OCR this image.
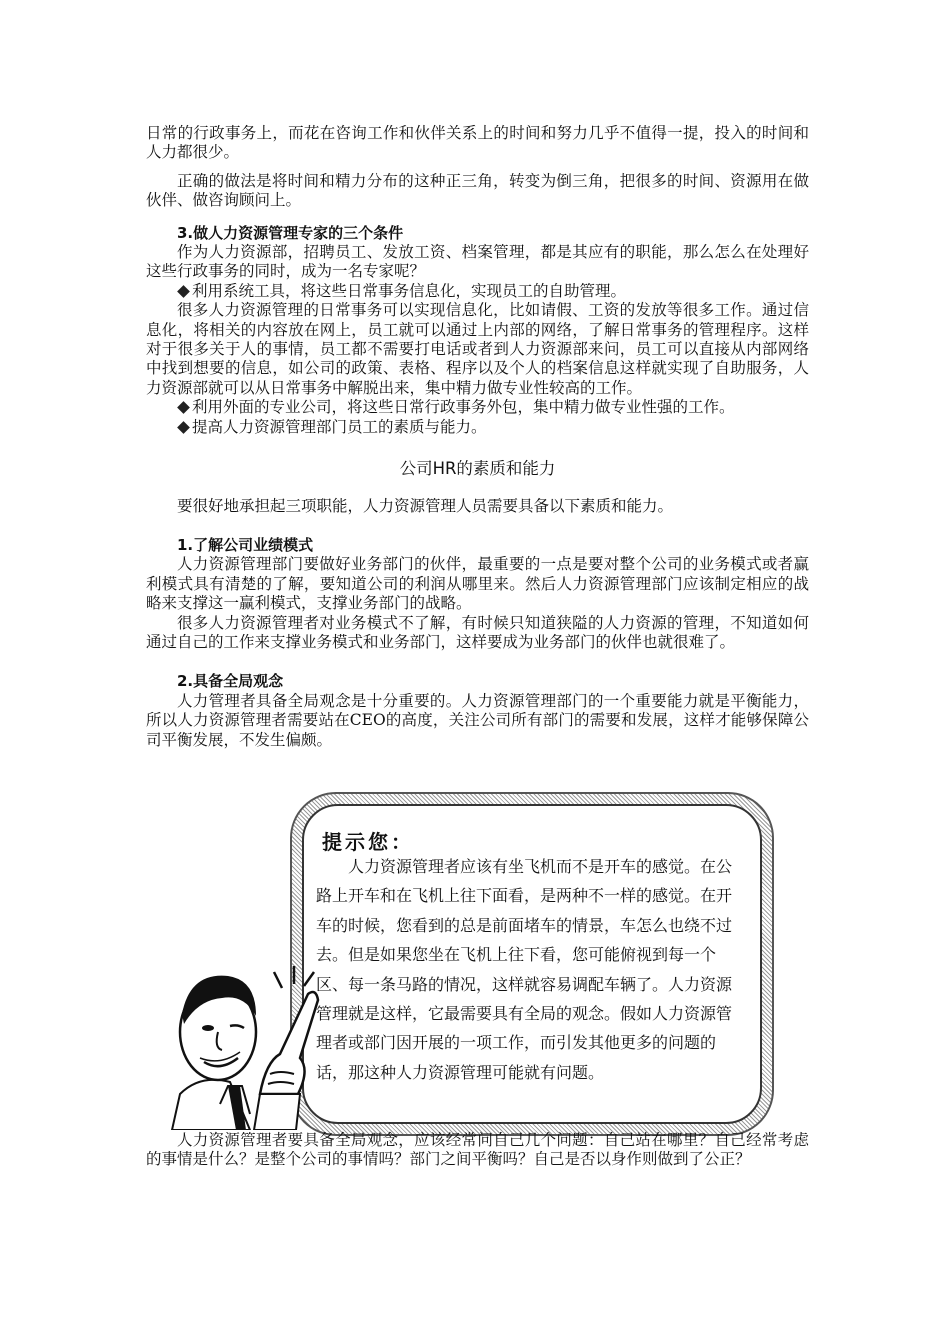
日常的行政事务上，而花在咨询工作和伙伴关系上的时间和努力几乎不值得一提，投入的时间和人力都很少。

正确的做法是将时间和精力分布的这种正三角，转变为倒三角，把很多的时间、资源用在做伙伴、做咨询顾问上。

3.做人力资源管理专家的三个条件

作为人力资源部，招聘员工、发放工资、档案管理，都是其应有的职能，那么怎么在处理好这些行政事务的同时，成为一名专家呢？

利用系统工具，将这些日常事务信息化，实现员工的自助管理。

很多人力资源管理的日常事务可以实现信息化，比如请假、工资的发放等很多工作。通过信息化，将相关的内容放在网上，员工就可以通过上内部的网络，了解日常事务的管理程序。这样对于很多关于人的事情，员工都不需要打电话或者到人力资源部来问，员工可以直接从内部网络中找到想要的信息，如公司的政策、表格、程序以及个人的档案信息这样就实现了自助服务，人力资源部就可以从日常事务中解脱出来，集中精力做专业性较高的工作。

利用外面的专业公司，将这些日常行政事务外包，集中精力做专业性强的工作。

提高人力资源管理部门员工的素质与能力。

公司HR的素质和能力

要很好地承担起三项职能，人力资源管理人员需要具备以下素质和能力。

1.了解公司业绩模式

人力资源管理部门要做好业务部门的伙伴，最重要的一点是要对整个公司的业务模式或者赢利模式具有清楚的了解，要知道公司的利润从哪里来。然后人力资源管理部门应该制定相应的战略来支撑这一赢利模式，支撑业务部门的战略。

很多人力资源管理者对业务模式不了解，有时候只知道狭隘的人力资源的管理，不知道如何通过自己的工作来支撑业务模式和业务部门，这样要成为业务部门的伙伴也就很难了。

2.具备全局观念

人力管理者具备全局观念是十分重要的。人力资源管理部门的一个重要能力就是平衡能力，所以人力资源管理者需要站在CEO的高度，关注公司所有部门的需要和发展，这样才能够保障公司平衡发展，不发生偏颇。

提示您：
人力资源管理者应该有坐飞机而不是开车的感觉。在公路上开车和在飞机上往下面看，是两种不一样的感觉。在开车的时候，您看到的总是前面堵车的情景，车怎么也绕不过去。但是如果您坐在飞机上往下看，您可能俯视到每一个区、每一条马路的情况，这样就容易调配车辆了。人力资源管理就是这样，它最需要具有全局的观念。假如人力资源管理者或部门因开展的一项工作，而引发其他更多的问题的话，那这种人力资源管理可能就有问题。

人力资源管理者要具备全局观念，应该经常问自己几个问题：自己站在哪里？自己经常考虑的事情是什么？是整个公司的事情吗？部门之间平衡吗？自己是否以身作则做到了公正？
